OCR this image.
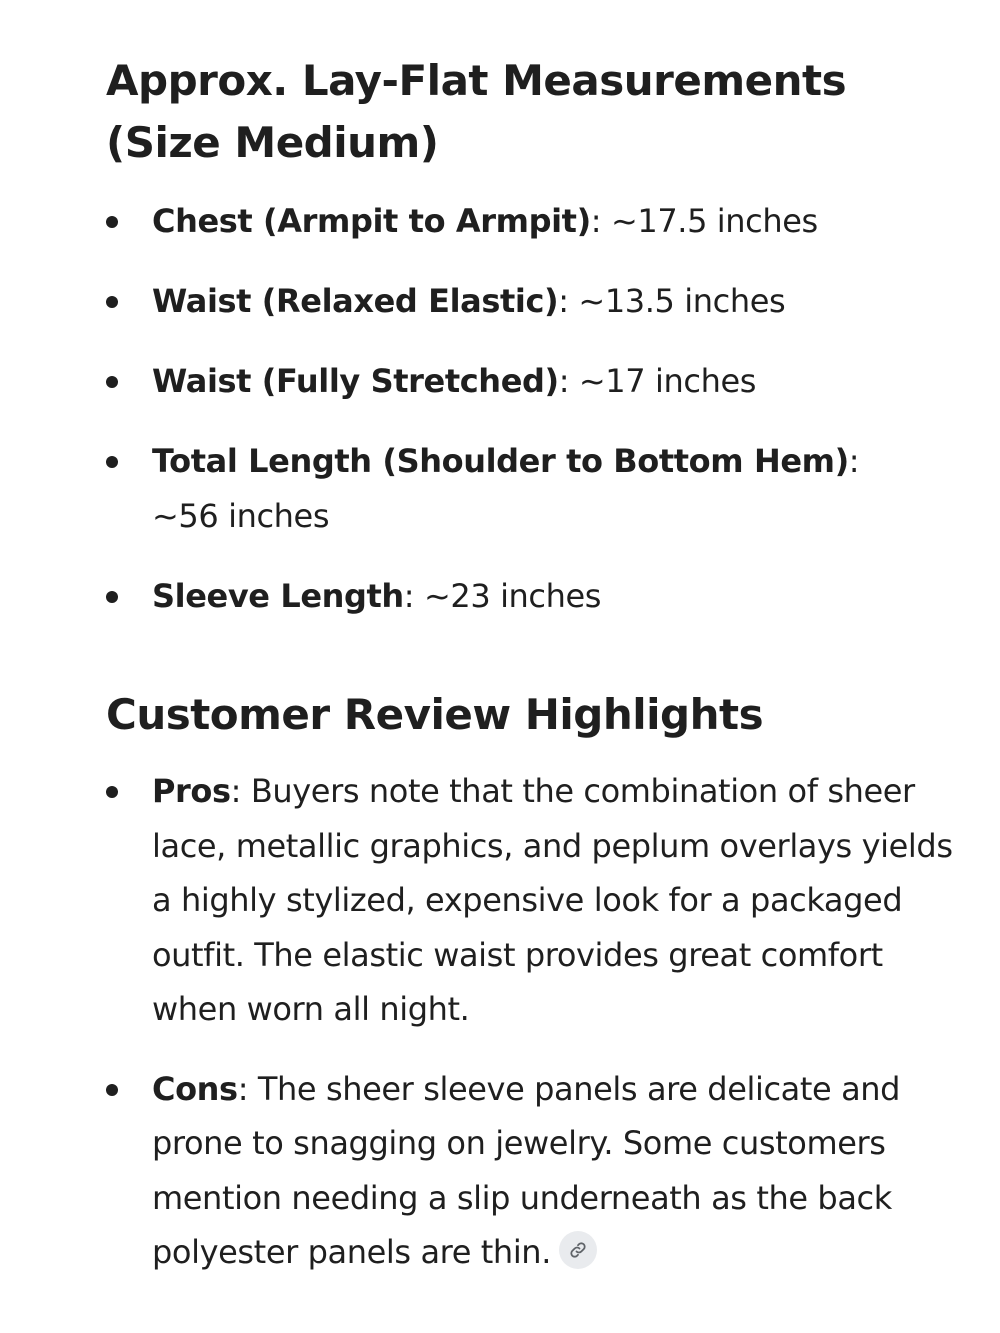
Approx. Lay-Flat Measurements (Size Medium)
Chest (Armpit to Armpit): ~17.5 inches
Waist (Relaxed Elastic): ~13.5 inches
Waist (Fully Stretched): ~17 inches
Total Length (Shoulder to Bottom Hem):
~56 inches
Sleeve Length: ~23 inches
Customer Review Highlights
Pros: Buyers note that the combination of sheer lace, metallic graphics, and peplum overlays yields a highly stylized, expensive look for a packaged outfit. The elastic waist provides great comfort when worn all night.
Cons: The sheer sleeve panels are delicate and prone to snagging on jewelry. Some customers mention needing a slip underneath as the back polyester panels are thin.
